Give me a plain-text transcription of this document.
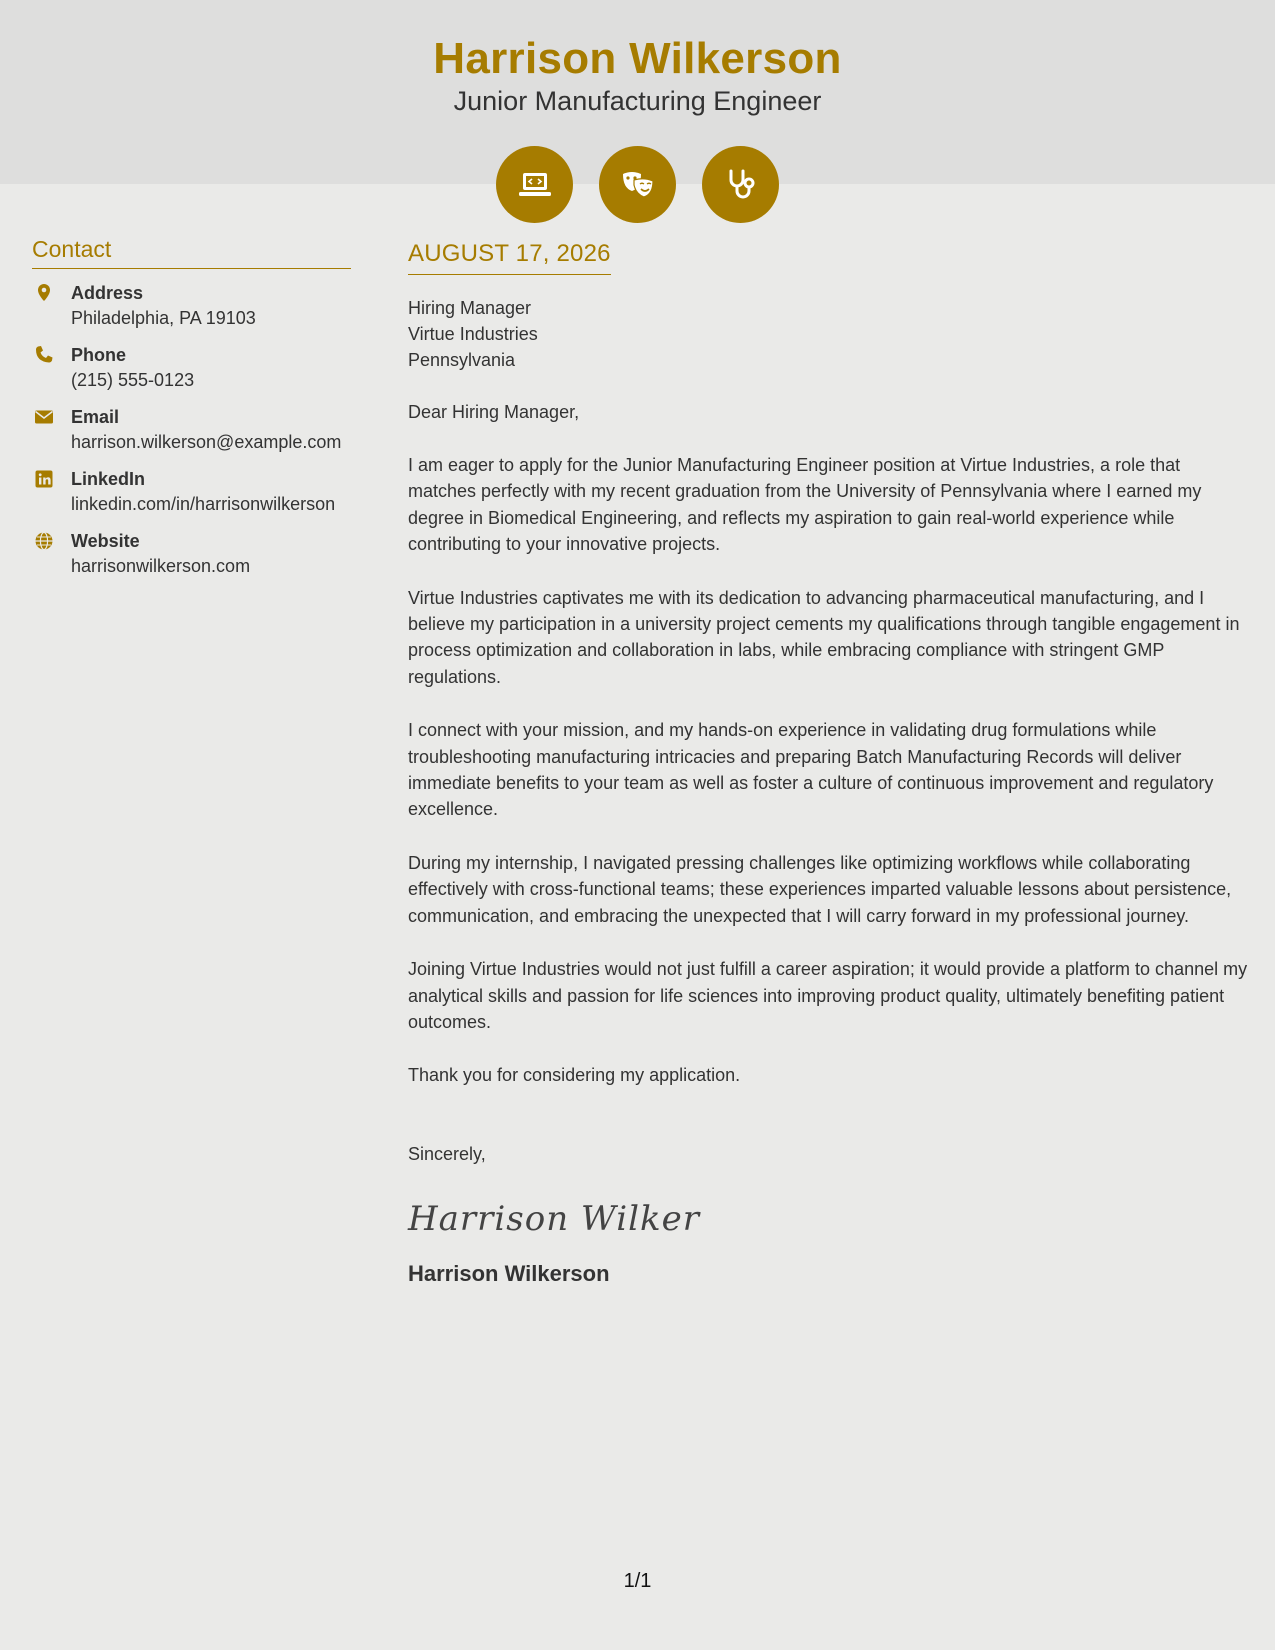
Harrison Wilkerson
Junior Manufacturing Engineer
Contact
Address
Philadelphia, PA 19103
Phone
(215) 555-0123
Email
harrison.wilkerson@example.com
LinkedIn
linkedin.com/in/harrisonwilkerson
Website
harrisonwilkerson.com
AUGUST 17, 2026
Hiring Manager
Virtue Industries
Pennsylvania
Dear Hiring Manager,
I am eager to apply for the Junior Manufacturing Engineer position at Virtue Industries, a role that matches perfectly with my recent graduation from the University of Pennsylvania where I earned my degree in Biomedical Engineering, and reflects my aspiration to gain real-world experience while contributing to your innovative projects.
Virtue Industries captivates me with its dedication to advancing pharmaceutical manufacturing, and I believe my participation in a university project cements my qualifications through tangible engagement in process optimization and collaboration in labs, while embracing compliance with stringent GMP regulations.
I connect with your mission, and my hands-on experience in validating drug formulations while troubleshooting manufacturing intricacies and preparing Batch Manufacturing Records will deliver immediate benefits to your team as well as foster a culture of continuous improvement and regulatory excellence.
During my internship, I navigated pressing challenges like optimizing workflows while collaborating effectively with cross-functional teams; these experiences imparted valuable lessons about persistence, communication, and embracing the unexpected that I will carry forward in my professional journey.
Joining Virtue Industries would not just fulfill a career aspiration; it would provide a platform to channel my analytical skills and passion for life sciences into improving product quality, ultimately benefiting patient outcomes.
Thank you for considering my application.
Sincerely,
Harrison Wilker
Harrison Wilkerson
1/1
